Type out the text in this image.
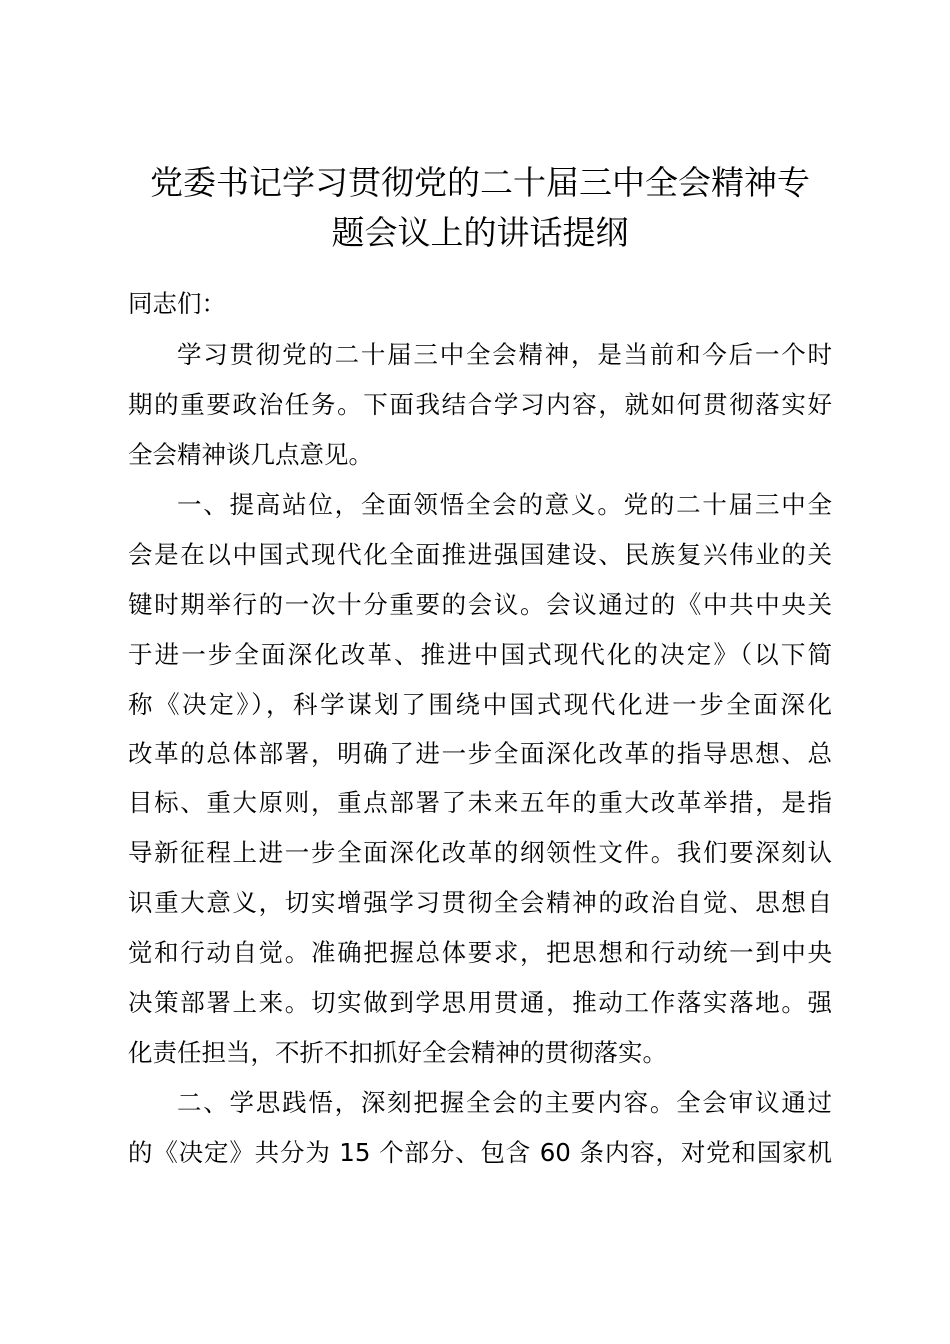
党委书记学习贯彻党的二十届三中全会精神专
题会议上的讲话提纲

同志们：

学习贯彻党的二十届三中全会精神，是当前和今后一个时

期的重要政治任务。下面我结合学习内容，就如何贯彻落实好

全会精神谈几点意见。

一、提高站位，全面领悟全会的意义。党的二十届三中全

会是在以中国式现代化全面推进强国建设、民族复兴伟业的关

键时期举行的一次十分重要的会议。会议通过的《中共中央关

于进一步全面深化改革、推进中国式现代化的决定》（以下简

称《决定》），科学谋划了围绕中国式现代化进一步全面深化

改革的总体部署，明确了进一步全面深化改革的指导思想、总

目标、重大原则，重点部署了未来五年的重大改革举措，是指

导新征程上进一步全面深化改革的纲领性文件。我们要深刻认

识重大意义，切实增强学习贯彻全会精神的政治自觉、思想自

觉和行动自觉。准确把握总体要求，把思想和行动统一到中央

决策部署上来。切实做到学思用贯通，推动工作落实落地。强

化责任担当，不折不扣抓好全会精神的贯彻落实。

二、学思践悟，深刻把握全会的主要内容。全会审议通过

的《决定》共分为 15 个部分、包含 60 条内容，对党和国家机
